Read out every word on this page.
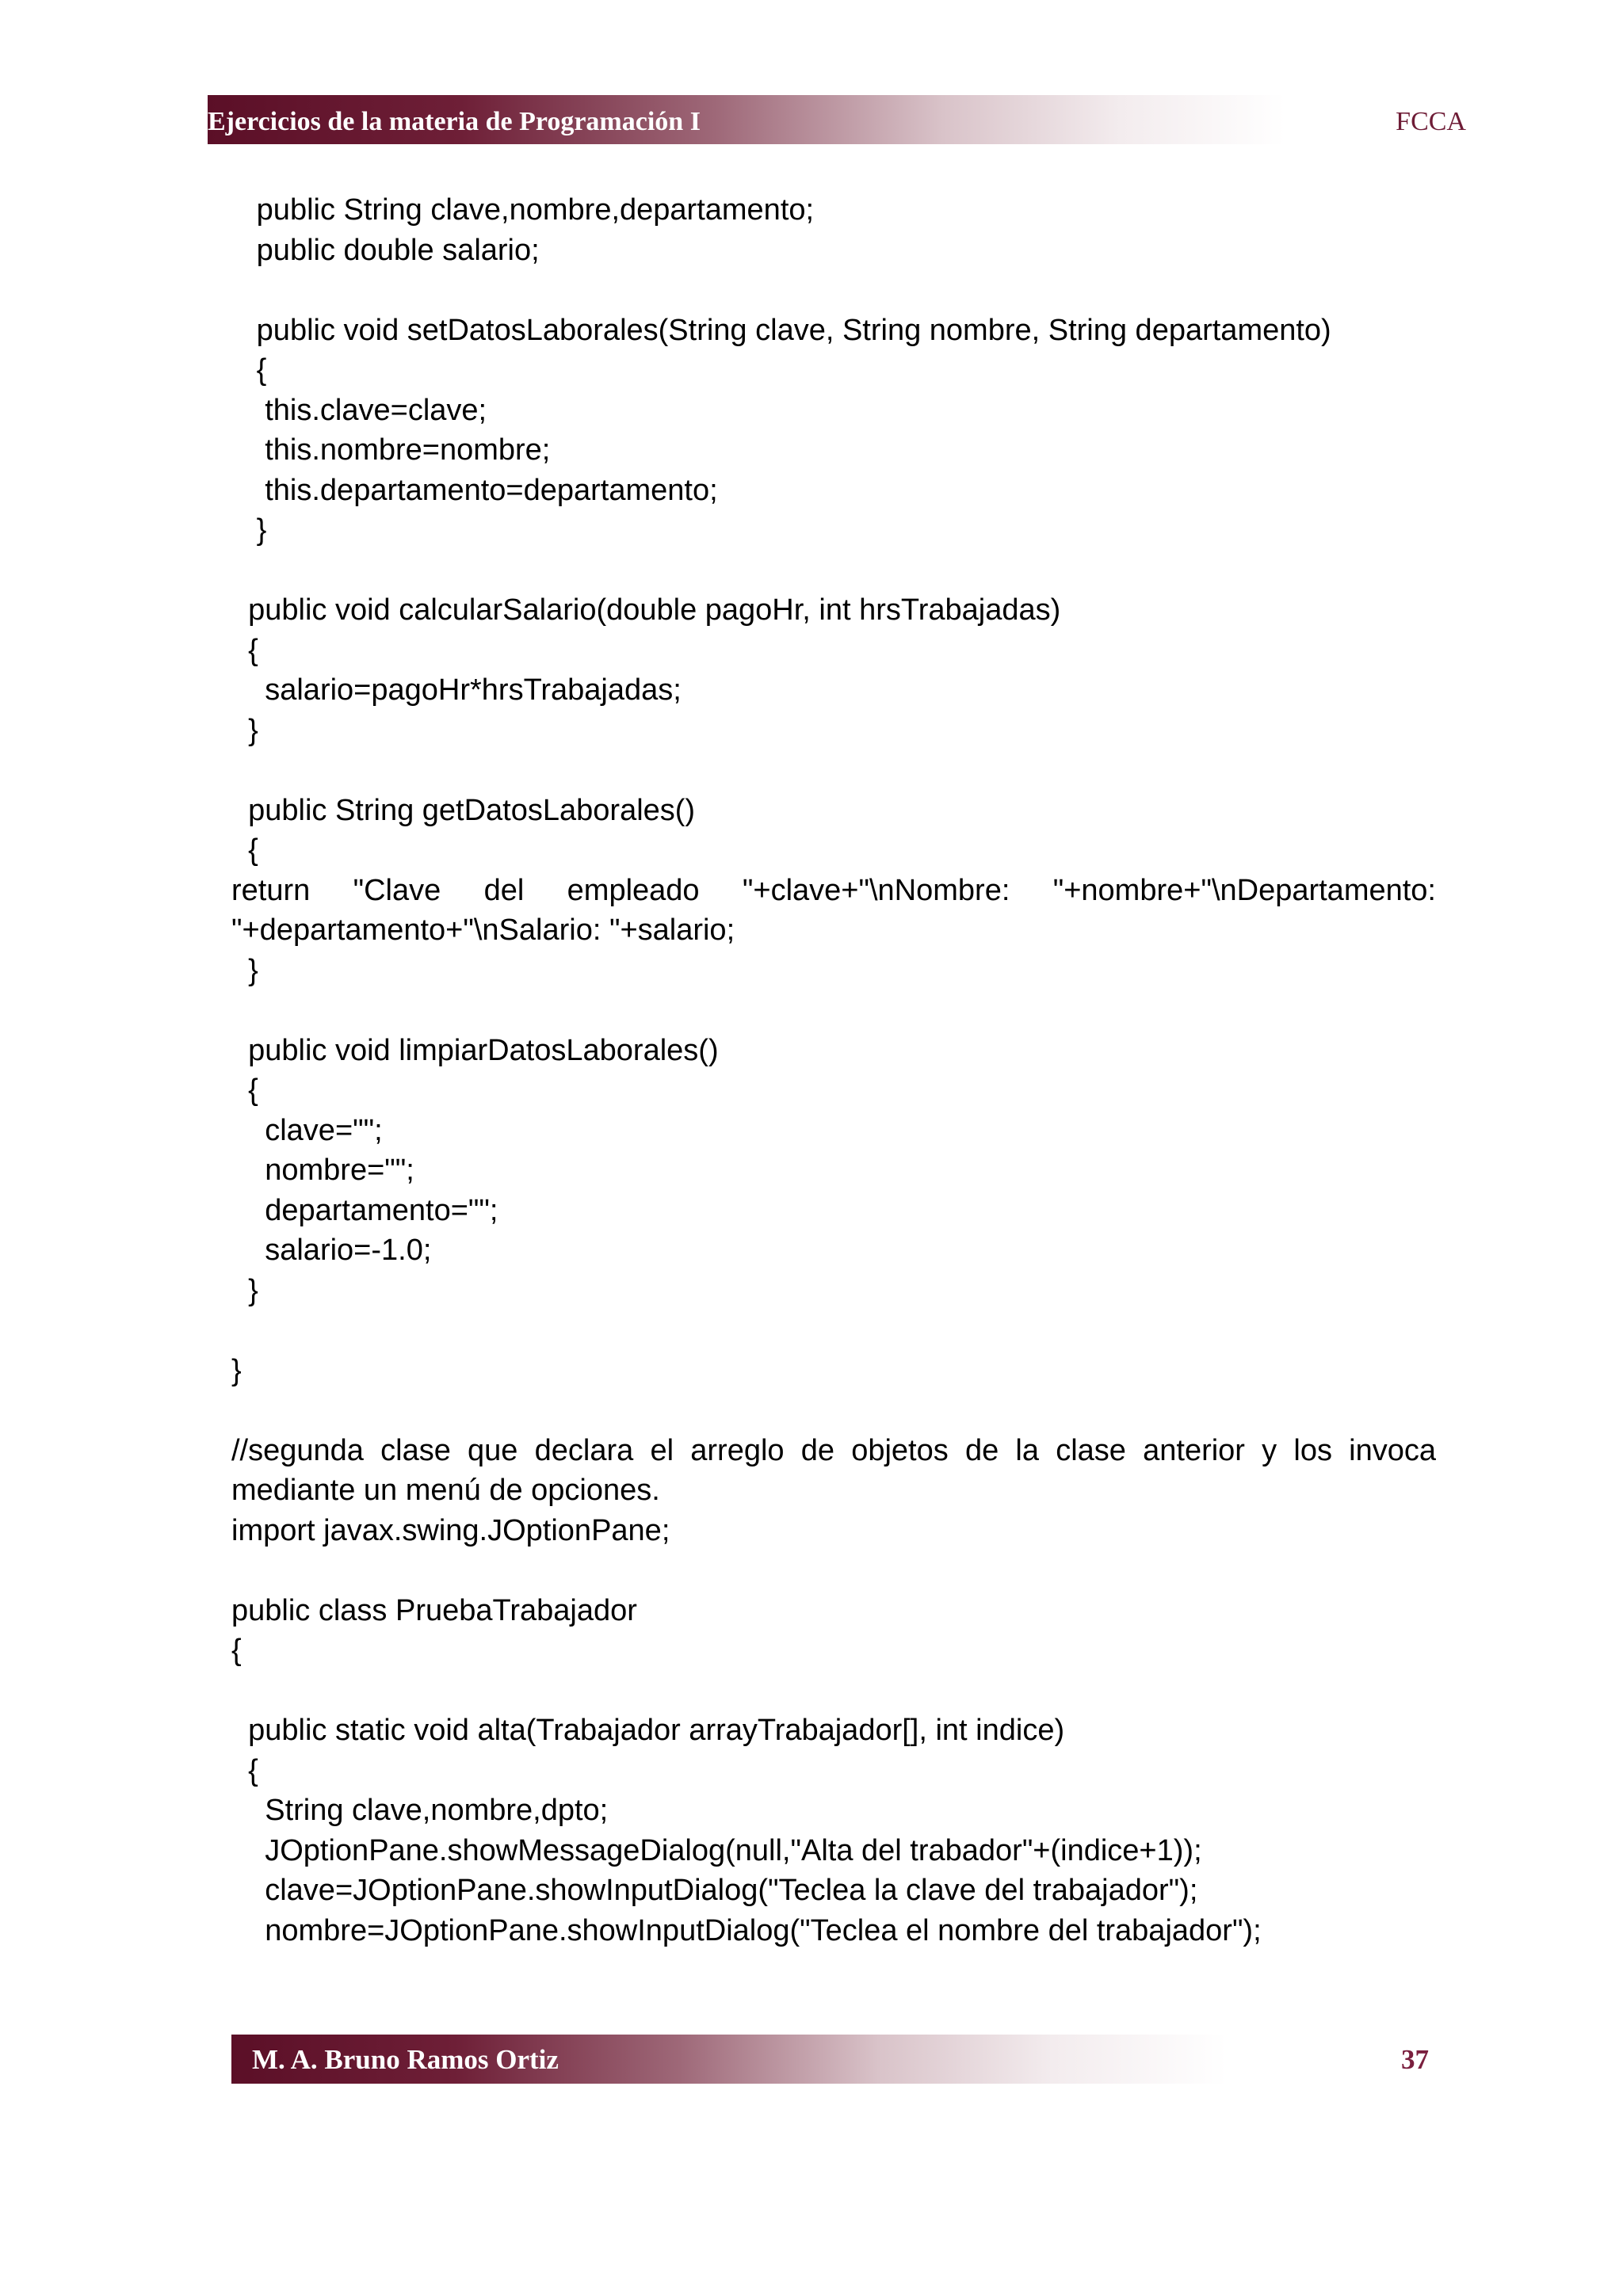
Ejercicios de la materia de Programación I	FCCA
public String clave,nombre,departamento;
public double salario;
public void setDatosLaborales(String clave, String nombre, String departamento)
{
this.clave=clave;
this.nombre=nombre;
this.departamento=departamento;
}
public void calcularSalario(double pagoHr, int hrsTrabajadas)
{
salario=pagoHr*hrsTrabajadas;
}
public String getDatosLaborales()
{
return "Clave del empleado "+clave+"\nNombre: "+nombre+"\nDepartamento:
"+departamento+"\nSalario: "+salario;
}
public void limpiarDatosLaborales()
{
clave="";
nombre="";
departamento="";
salario=-1.0;
}
}
//segunda clase que declara el arreglo de objetos de la clase anterior y los invoca
mediante un menú de opciones.
import javax.swing.JOptionPane;
public class PruebaTrabajador
{
public static void alta(Trabajador arrayTrabajador[], int indice)
{
String clave,nombre,dpto;
JOptionPane.showMessageDialog(null,"Alta del trabador"+(indice+1));
clave=JOptionPane.showInputDialog("Teclea la clave del trabajador");
nombre=JOptionPane.showInputDialog("Teclea el nombre del trabajador");
M. A. Bruno Ramos Ortiz	37
